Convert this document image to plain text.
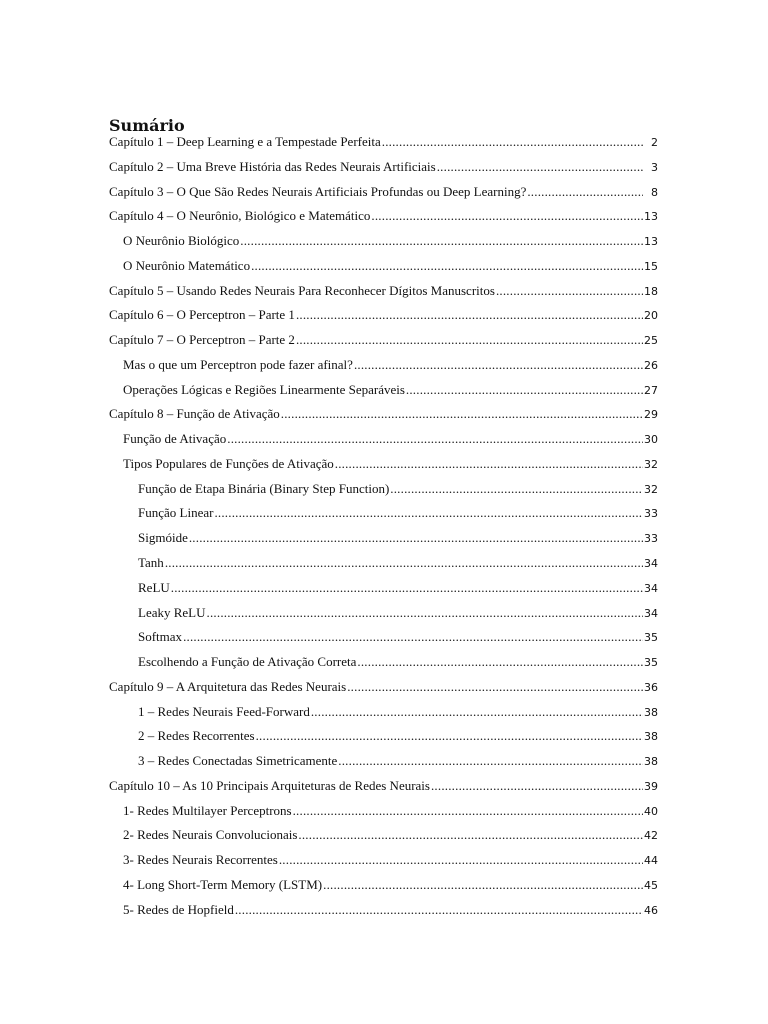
Sumário
Capítulo 1 – Deep Learning e a Tempestade Perfeita .....	2
Capítulo 2 – Uma Breve História das Redes Neurais Artificiais .....	3
Capítulo 3 – O Que São Redes Neurais Artificiais Profundas ou Deep Learning? .....	8
Capítulo 4 – O Neurônio, Biológico e Matemático .....	13
O Neurônio Biológico .....	13
O Neurônio Matemático .....	15
Capítulo 5 – Usando Redes Neurais Para Reconhecer Dígitos Manuscritos .....	18
Capítulo 6 – O Perceptron – Parte 1 .....	20
Capítulo 7 – O Perceptron – Parte 2 .....	25
Mas o que um Perceptron pode fazer afinal? .....	26
Operações Lógicas e Regiões Linearmente Separáveis .....	27
Capítulo 8 – Função de Ativação .....	29
Função de Ativação .....	30
Tipos Populares de Funções de Ativação .....	32
Função de Etapa Binária (Binary Step Function) .....	32
Função Linear .....	33
Sigmóide .....	33
Tanh .....	34
ReLU .....	34
Leaky ReLU .....	34
Softmax .....	35
Escolhendo a Função de Ativação Correta .....	35
Capítulo 9 – A Arquitetura das Redes Neurais .....	36
1 – Redes Neurais Feed-Forward .....	38
2 – Redes Recorrentes .....	38
3 – Redes Conectadas Simetricamente .....	38
Capítulo 10 – As 10 Principais Arquiteturas de Redes Neurais .....	39
1- Redes Multilayer Perceptrons .....	40
2- Redes Neurais Convolucionais .....	42
3- Redes Neurais Recorrentes .....	44
4- Long Short-Term Memory (LSTM) .....	45
5- Redes de Hopfield .....	46
